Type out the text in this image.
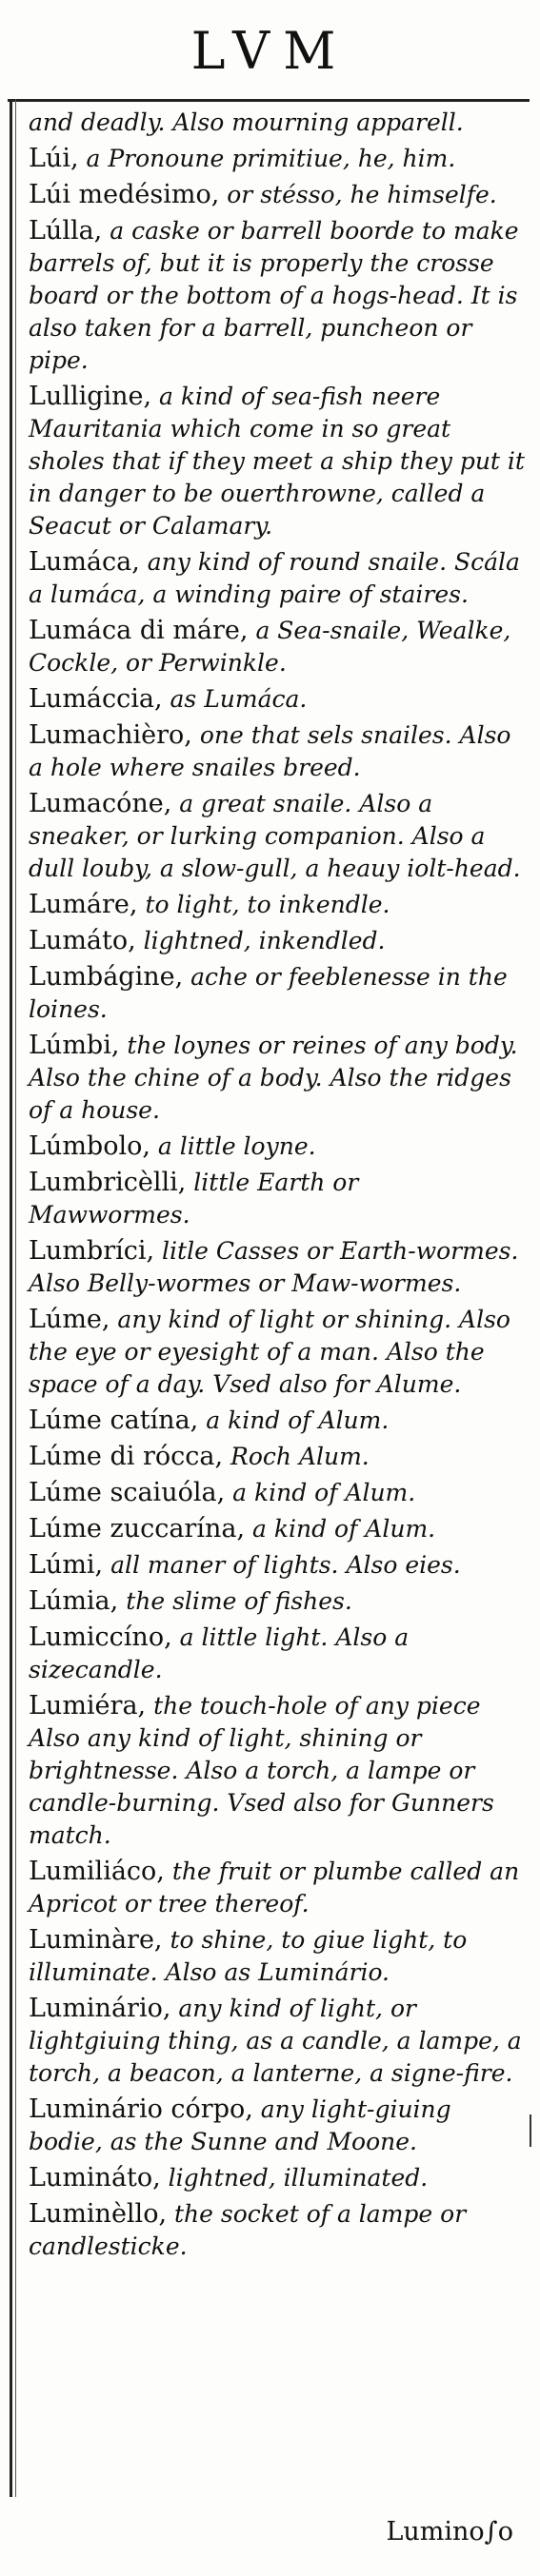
LVM
and deadly. Also mourning apparell.
Lúi, a Pronoune primitiue, he, him.
Lúi medésimo, or stésso, he himselfe.
Lúlla, a caske or barrell boorde to make barrels of, but it is properly the crosse board or the bottom of a hogs-head. It is also taken for a barrell, puncheon or pipe.
Lulligine, a kind of sea-fish neere Mauritania which come in so great sholes that if they meet a ship they put it in danger to be ouerthrowne, called a Seacut or Calamary.
Lumáca, any kind of round snaile. Scála a lumáca, a winding paire of staires.
Lumáca di máre, a Sea-snaile, Wealke, Cockle, or Perwinkle.
Lumáccia, as Lumáca.
Lumachièro, one that sels snailes. Also a hole where snailes breed.
Lumacóne, a great snaile. Also a sneaker, or lurking companion. Also a dull louby, a slow-gull, a heauy iolt-head.
Lumáre, to light, to inkendle.
Lumáto, lightned, inkendled.
Lumbágine, ache or feeblenesse in the loines.
Lúmbi, the loynes or reines of any body. Also the chine of a body. Also the ridges of a house.
Lúmbolo, a little loyne.
Lumbricèlli, little Earth or Mawwormes.
Lumbríci, litle Casses or Earth-wormes. Also Belly-wormes or Maw-wormes.
Lúme, any kind of light or shining. Also the eye or eyesight of a man. Also the space of a day. Vsed also for Alume.
Lúme catína, a kind of Alum.
Lúme di rócca, Roch Alum.
Lúme scaiuóla, a kind of Alum.
Lúme zuccarína, a kind of Alum.
Lúmi, all maner of lights. Also eies.
Lúmia, the slime of fishes.
Lumiccíno, a little light. Also a sizecandle.
Lumiéra, the touch-hole of any piece Also any kind of light, shining or brightnesse. Also a torch, a lampe or candle-burning. Vsed also for Gunners match.
Lumiliáco, the fruit or plumbe called an Apricot or tree thereof.
Luminàre, to shine, to giue light, to illuminate. Also as Luminário.
Luminário, any kind of light, or lightgiuing thing, as a candle, a lampe, a torch, a beacon, a lanterne, a signe-fire.
Luminário córpo, any light-giuing bodie, as the Sunne and Moone.
Lumináto, lightned, illuminated.
Luminèllo, the socket of a lampe or candlesticke.
Lumino∫o
